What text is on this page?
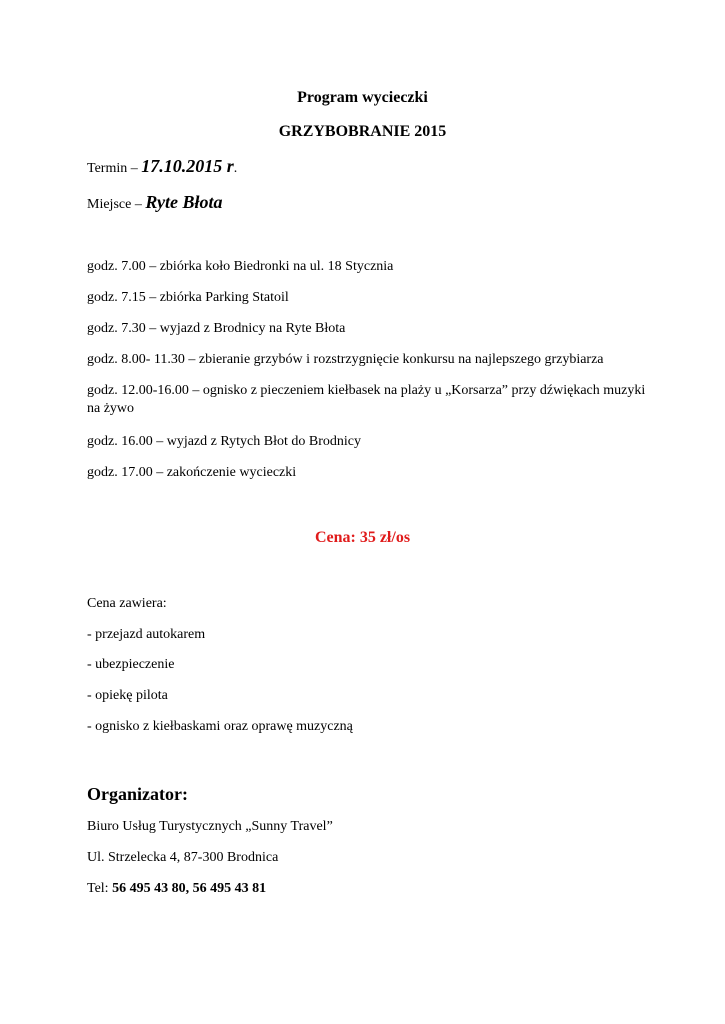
Program wycieczki
GRZYBOBRANIE 2015
Termin – 17.10.2015 r.
Miejsce – Ryte Błota
godz. 7.00 – zbiórka koło Biedronki na ul. 18 Stycznia
godz. 7.15 – zbiórka Parking Statoil
godz. 7.30 – wyjazd z Brodnicy na Ryte Błota
godz. 8.00- 11.30 – zbieranie grzybów i rozstrzygnięcie konkursu na najlepszego grzybiarza
godz. 12.00-16.00 – ognisko z pieczeniem kiełbasek na plaży u „Korsarza” przy dźwiękach muzyki na żywo
godz. 16.00 – wyjazd z Rytych Błot do Brodnicy
godz. 17.00 – zakończenie wycieczki
Cena: 35 zł/os
Cena zawiera:
- przejazd autokarem
- ubezpieczenie
- opiekę pilota
- ognisko z kiełbaskami oraz oprawę muzyczną
Organizator:
Biuro Usług Turystycznych „Sunny Travel”
Ul. Strzelecka 4, 87-300 Brodnica
Tel: 56 495 43 80, 56 495 43 81
